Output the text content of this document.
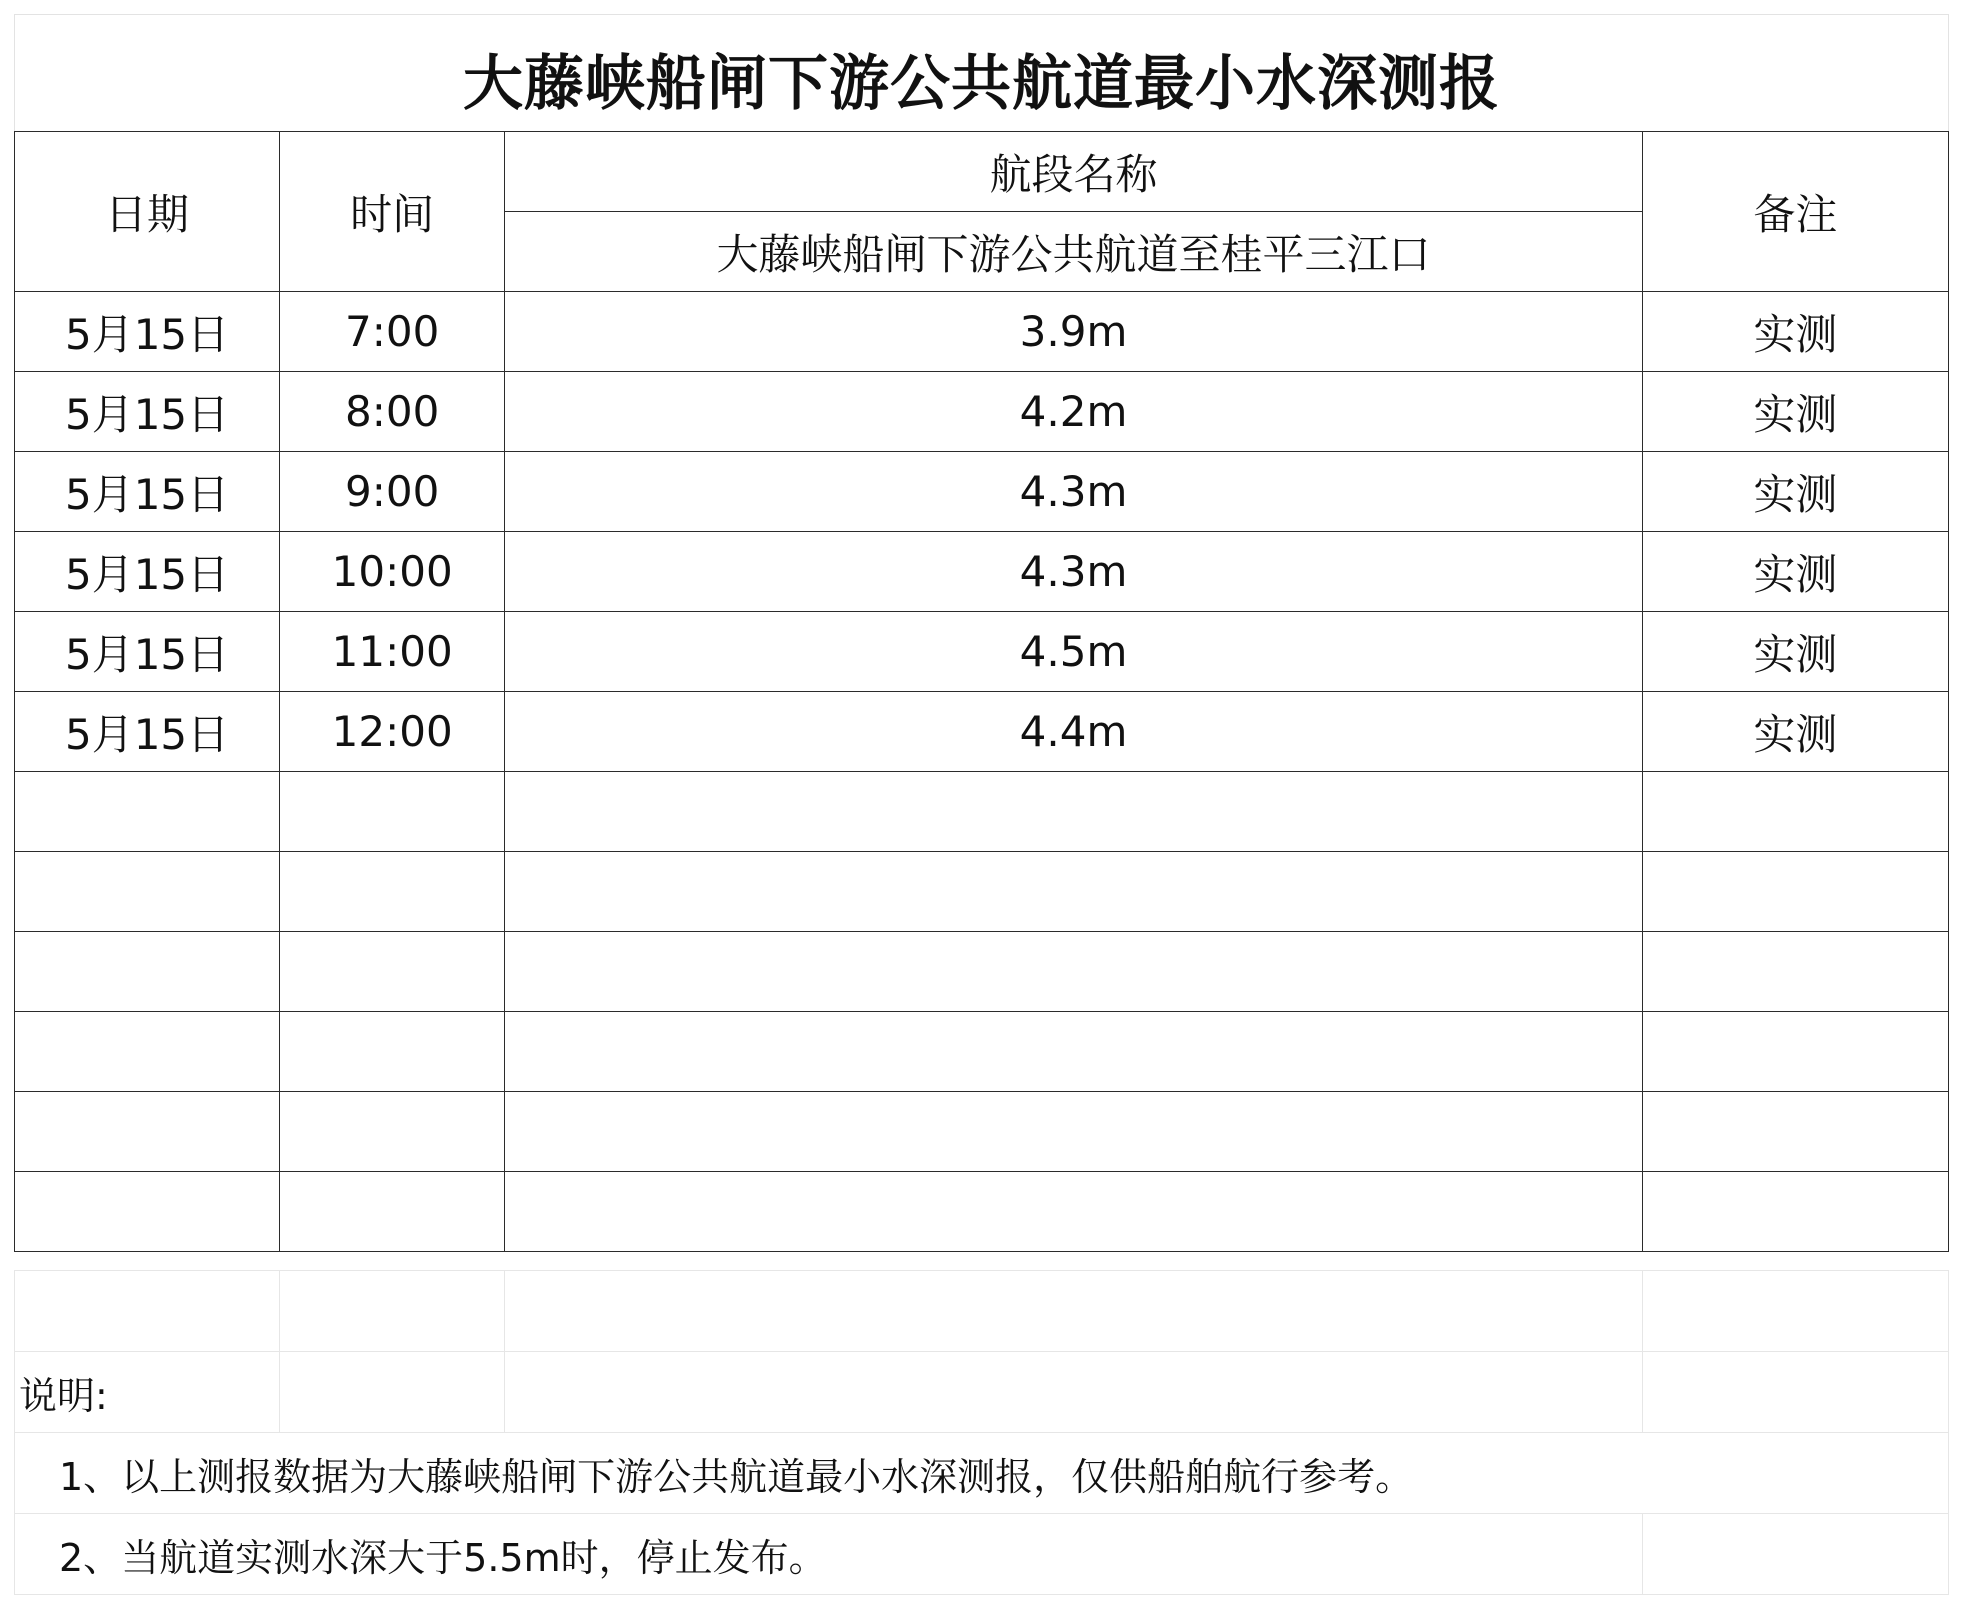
大藤峡船闸下游公共航道最小水深测报
日期	时间	航段名称	备注
		大藤峡船闸下游公共航道至桂平三江口	
5月15日	7:00	3.9m	实测
5月15日	8:00	4.2m	实测
5月15日	9:00	4.3m	实测
5月15日	10:00	4.3m	实测
5月15日	11:00	4.5m	实测
5月15日	12:00	4.4m	实测

说明:			
1、以上测报数据为大藤峡船闸下游公共航道最小水深测报，仅供船舶航行参考。			
2、当航道实测水深大于5.5m时，停止发布。			
